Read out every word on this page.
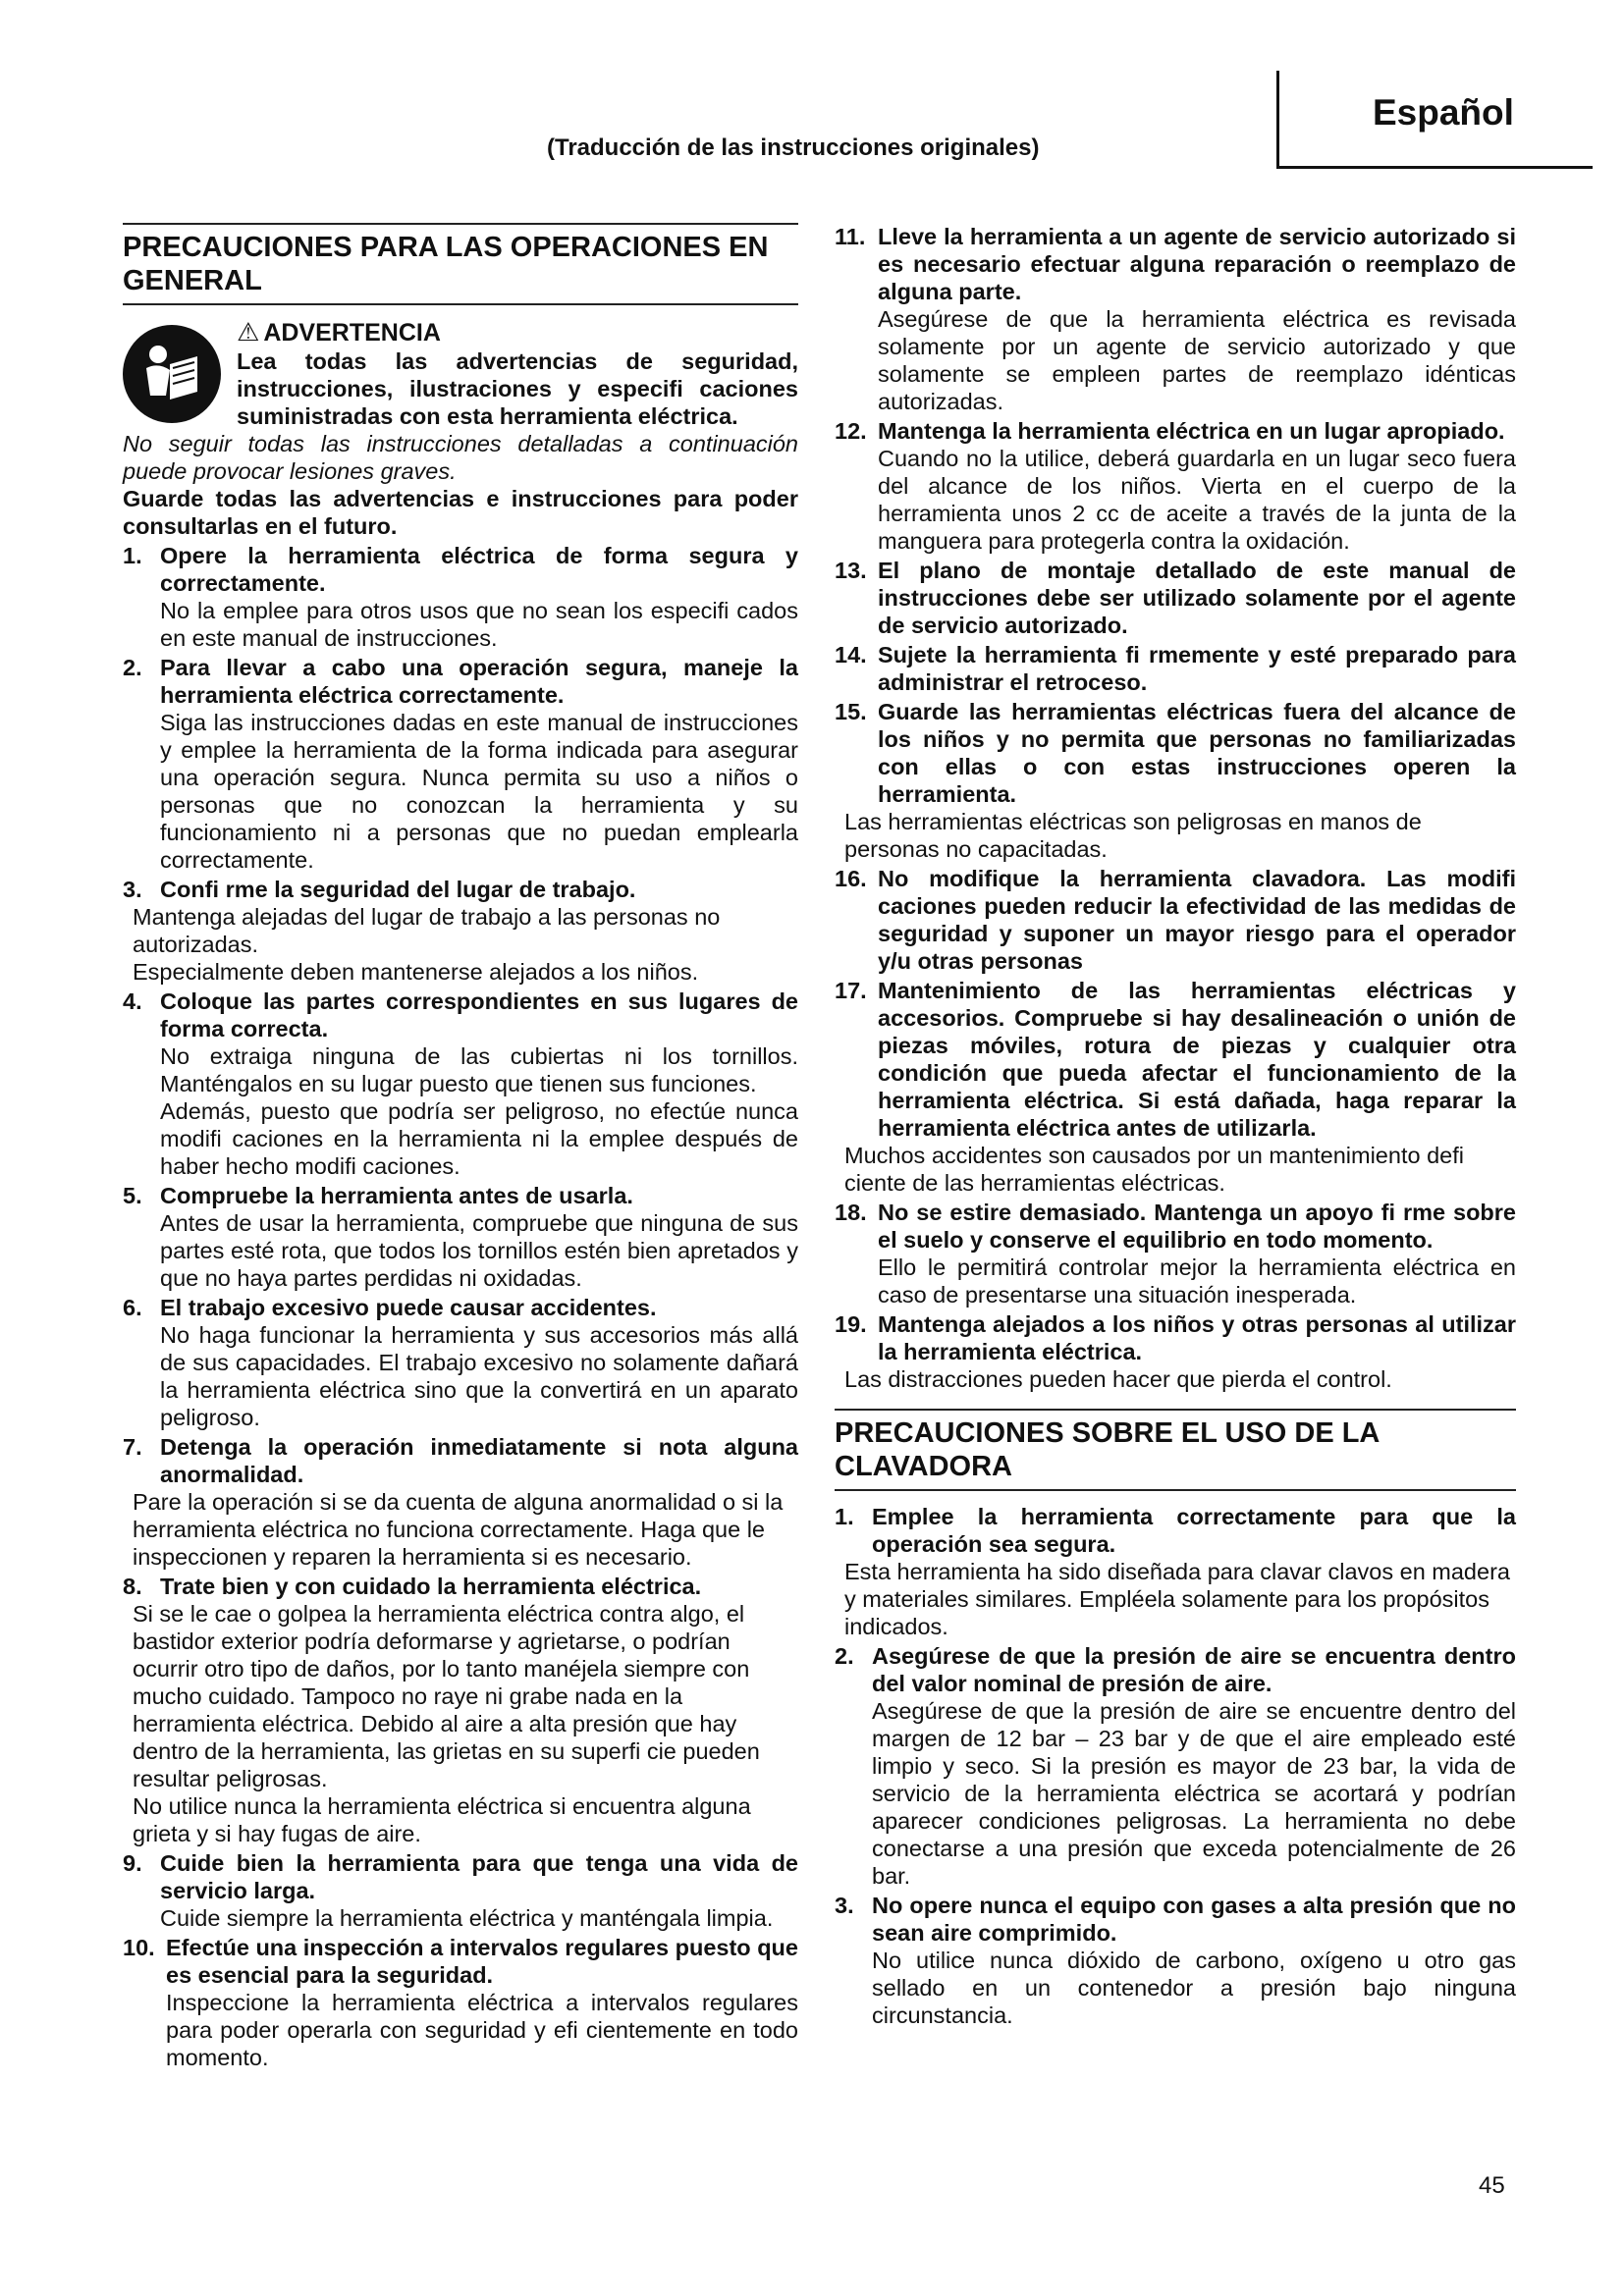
Español
(Traducción de las instrucciones originales)
PRECAUCIONES PARA LAS OPERACIONES EN GENERAL
⚠ ADVERTENCIA
Lea todas las advertencias de seguridad, instrucciones, ilustraciones y especifi caciones suministradas con esta herramienta eléctrica.
No seguir todas las instrucciones detalladas a continuación puede provocar lesiones graves.
Guarde todas las advertencias e instrucciones para poder consultarlas en el futuro.
1. Opere la herramienta eléctrica de forma segura y correctamente.
No la emplee para otros usos que no sean los especifi cados en este manual de instrucciones.
2. Para llevar a cabo una operación segura, maneje la herramienta eléctrica correctamente.
Siga las instrucciones dadas en este manual de instrucciones y emplee la herramienta de la forma indicada para asegurar una operación segura. Nunca permita su uso a niños o personas que no conozcan la herramienta y su funcionamiento ni a personas que no puedan emplearla correctamente.
3. Confi rme la seguridad del lugar de trabajo.
Mantenga alejadas del lugar de trabajo a las personas no autorizadas.
Especialmente deben mantenerse alejados a los niños.
4. Coloque las partes correspondientes en sus lugares de forma correcta.
No extraiga ninguna de las cubiertas ni los tornillos. Manténgalos en su lugar puesto que tienen sus funciones.
Además, puesto que podría ser peligroso, no efectúe nunca modifi caciones en la herramienta ni la emplee después de haber hecho modifi caciones.
5. Compruebe la herramienta antes de usarla.
Antes de usar la herramienta, compruebe que ninguna de sus partes esté rota, que todos los tornillos estén bien apretados y que no haya partes perdidas ni oxidadas.
6. El trabajo excesivo puede causar accidentes.
No haga funcionar la herramienta y sus accesorios más allá de sus capacidades. El trabajo excesivo no solamente dañará la herramienta eléctrica sino que la convertirá en un aparato peligroso.
7. Detenga la operación inmediatamente si nota alguna anormalidad.
Pare la operación si se da cuenta de alguna anormalidad o si la herramienta eléctrica no funciona correctamente. Haga que le inspeccionen y reparen la herramienta si es necesario.
8. Trate bien y con cuidado la herramienta eléctrica.
Si se le cae o golpea la herramienta eléctrica contra algo, el bastidor exterior podría deformarse y agrietarse, o podrían ocurrir otro tipo de daños, por lo tanto manéjela siempre con mucho cuidado. Tampoco no raye ni grabe nada en la herramienta eléctrica. Debido al aire a alta presión que hay dentro de la herramienta, las grietas en su superfi cie pueden resultar peligrosas.
No utilice nunca la herramienta eléctrica si encuentra alguna grieta y si hay fugas de aire.
9. Cuide bien la herramienta para que tenga una vida de servicio larga.
Cuide siempre la herramienta eléctrica y manténgala limpia.
10. Efectúe una inspección a intervalos regulares puesto que es esencial para la seguridad.
Inspeccione la herramienta eléctrica a intervalos regulares para poder operarla con seguridad y efi cientemente en todo momento.
11. Lleve la herramienta a un agente de servicio autorizado si es necesario efectuar alguna reparación o reemplazo de alguna parte.
Asegúrese de que la herramienta eléctrica es revisada solamente por un agente de servicio autorizado y que solamente se empleen partes de reemplazo idénticas autorizadas.
12. Mantenga la herramienta eléctrica en un lugar apropiado.
Cuando no la utilice, deberá guardarla en un lugar seco fuera del alcance de los niños. Vierta en el cuerpo de la herramienta unos 2 cc de aceite a través de la junta de la manguera para protegerla contra la oxidación.
13. El plano de montaje detallado de este manual de instrucciones debe ser utilizado solamente por el agente de servicio autorizado.
14. Sujete la herramienta fi rmemente y esté preparado para administrar el retroceso.
15. Guarde las herramientas eléctricas fuera del alcance de los niños y no permita que personas no familiarizadas con ellas o con estas instrucciones operen la herramienta.
Las herramientas eléctricas son peligrosas en manos de personas no capacitadas.
16. No modifique la herramienta clavadora. Las modifi caciones pueden reducir la efectividad de las medidas de seguridad y suponer un mayor riesgo para el operador y/u otras personas
17. Mantenimiento de las herramientas eléctricas y accesorios. Compruebe si hay desalineación o unión de piezas móviles, rotura de piezas y cualquier otra condición que pueda afectar el funcionamiento de la herramienta eléctrica. Si está dañada, haga reparar la herramienta eléctrica antes de utilizarla.
Muchos accidentes son causados por un mantenimiento defi ciente de las herramientas eléctricas.
18. No se estire demasiado. Mantenga un apoyo fi rme sobre el suelo y conserve el equilibrio en todo momento.
Ello le permitirá controlar mejor la herramienta eléctrica en caso de presentarse una situación inesperada.
19. Mantenga alejados a los niños y otras personas al utilizar la herramienta eléctrica.
Las distracciones pueden hacer que pierda el control.
PRECAUCIONES SOBRE EL USO DE LA CLAVADORA
1. Emplee la herramienta correctamente para que la operación sea segura.
Esta herramienta ha sido diseñada para clavar clavos en madera y materiales similares. Empléela solamente para los propósitos indicados.
2. Asegúrese de que la presión de aire se encuentra dentro del valor nominal de presión de aire.
Asegúrese de que la presión de aire se encuentre dentro del margen de 12 bar – 23 bar y de que el aire empleado esté limpio y seco. Si la presión es mayor de 23 bar, la vida de servicio de la herramienta eléctrica se acortará y podrían aparecer condiciones peligrosas. La herramienta no debe conectarse a una presión que exceda potencialmente de 26 bar.
3. No opere nunca el equipo con gases a alta presión que no sean aire comprimido.
No utilice nunca dióxido de carbono, oxígeno u otro gas sellado en un contenedor a presión bajo ninguna circunstancia.
45
